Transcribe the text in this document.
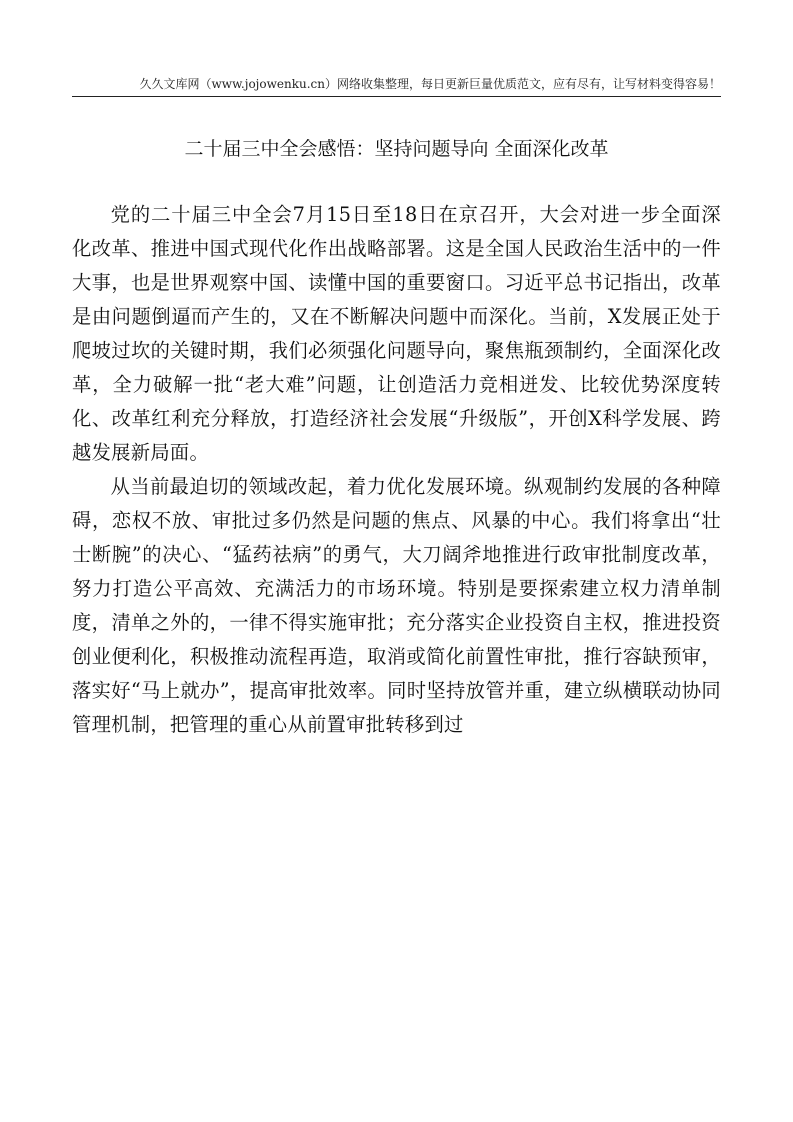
久久文库网（www.jojowenku.cn）网络收集整理，每日更新巨量优质范文，应有尽有，让写材料变得容易！
二十届三中全会感悟：坚持问题导向 全面深化改革

党的二十届三中全会7月15日至18日在京召开，大会对进一步全面深化改革、推进中国式现代化作出战略部署。这是全国人民政治生活中的一件大事，也是世界观察中国、读懂中国的重要窗口。习近平总书记指出，改革是由问题倒逼而产生的，又在不断解决问题中而深化。当前，X发展正处于爬坡过坎的关键时期，我们必须强化问题导向，聚焦瓶颈制约，全面深化改革，全力破解一批“老大难”问题，让创造活力竞相迸发、比较优势深度转化、改革红利充分释放，打造经济社会发展“升级版”，开创X科学发展、跨越发展新局面。

从当前最迫切的领域改起，着力优化发展环境。纵观制约发展的各种障碍，恋权不放、审批过多仍然是问题的焦点、风暴的中心。我们将拿出“壮士断腕”的决心、“猛药祛病”的勇气，大刀阔斧地推进行政审批制度改革，努力打造公平高效、充满活力的市场环境。特别是要探索建立权力清单制度，清单之外的，一律不得实施审批；充分落实企业投资自主权，推进投资创业便利化，积极推动流程再造，取消或简化前置性审批，推行容缺预审，落实好“马上就办”，提高审批效率。同时坚持放管并重，建立纵横联动协同管理机制，把管理的重心从前置审批转移到过
